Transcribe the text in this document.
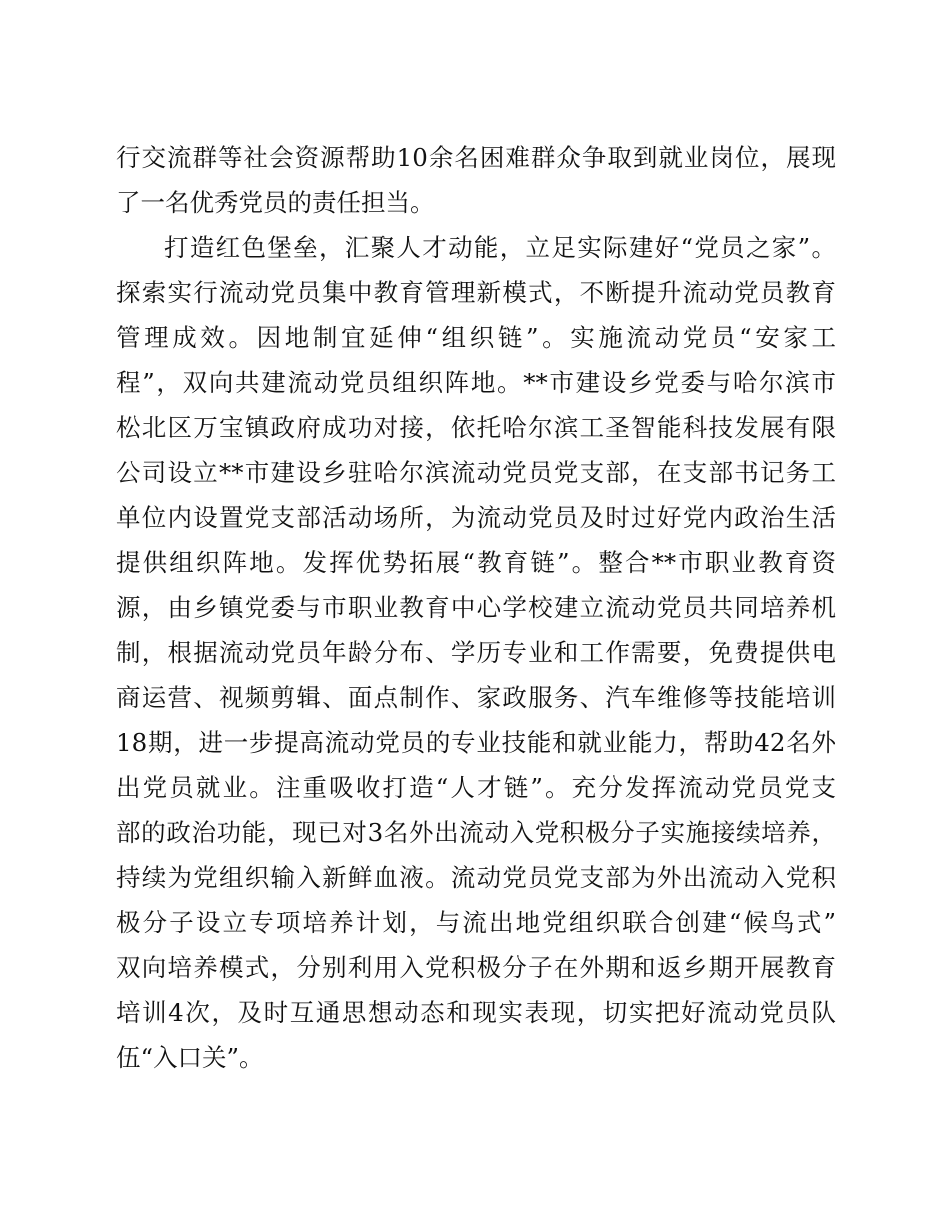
行交流群等社会资源帮助10余名困难群众争取到就业岗位，展现
了一名优秀党员的责任担当。
打造红色堡垒，汇聚人才动能，立足实际建好“党员之家”。
探索实行流动党员集中教育管理新模式，不断提升流动党员教育
管理成效。因地制宜延伸“组织链”。实施流动党员“安家工
程”，双向共建流动党员组织阵地。**市建设乡党委与哈尔滨市
松北区万宝镇政府成功对接，依托哈尔滨工圣智能科技发展有限
公司设立**市建设乡驻哈尔滨流动党员党支部，在支部书记务工
单位内设置党支部活动场所，为流动党员及时过好党内政治生活
提供组织阵地。发挥优势拓展“教育链”。整合**市职业教育资
源，由乡镇党委与市职业教育中心学校建立流动党员共同培养机
制，根据流动党员年龄分布、学历专业和工作需要，免费提供电
商运营、视频剪辑、面点制作、家政服务、汽车维修等技能培训
18期，进一步提高流动党员的专业技能和就业能力，帮助42名外
出党员就业。注重吸收打造“人才链”。充分发挥流动党员党支
部的政治功能，现已对3名外出流动入党积极分子实施接续培养，
持续为党组织输入新鲜血液。流动党员党支部为外出流动入党积
极分子设立专项培养计划，与流出地党组织联合创建“候鸟式”
双向培养模式，分别利用入党积极分子在外期和返乡期开展教育
培训4次，及时互通思想动态和现实表现，切实把好流动党员队
伍“入口关”。
